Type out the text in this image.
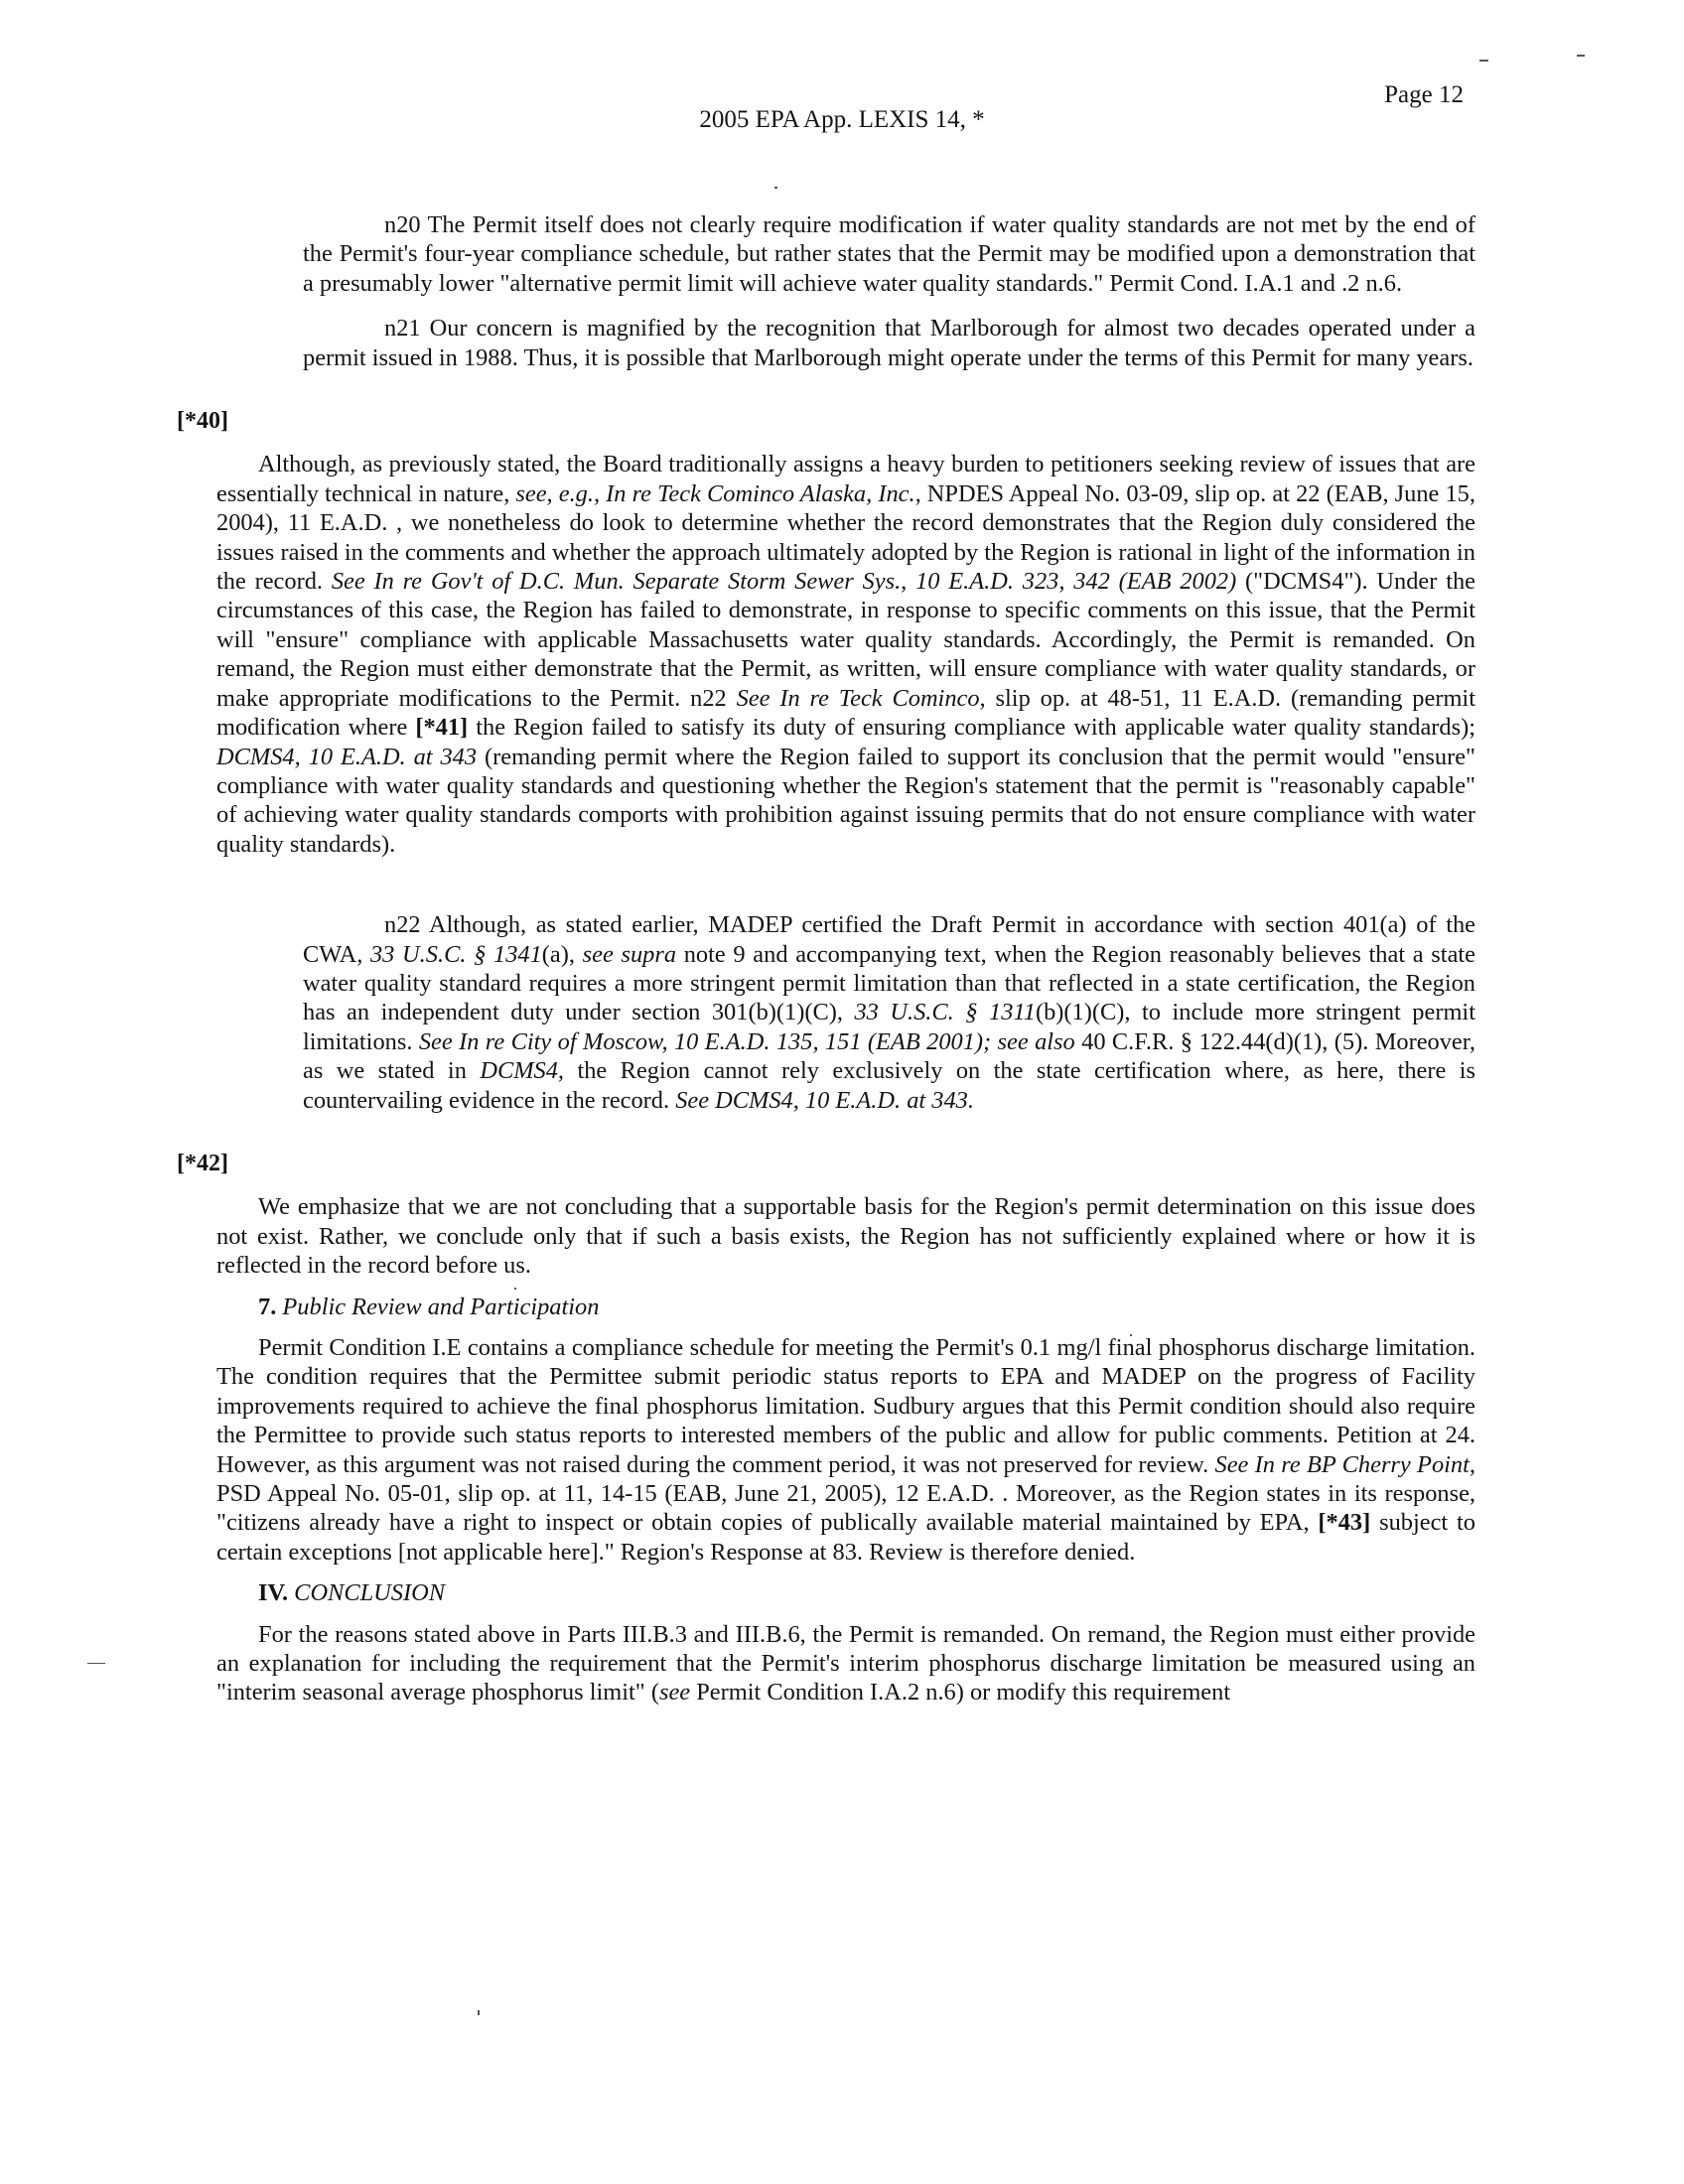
Page 12
2005 EPA App. LEXIS 14, *

n20 The Permit itself does not clearly require modification if water quality standards are not met by the end of the Permit's four-year compliance schedule, but rather states that the Permit may be modified upon a demonstration that a presumably lower "alternative permit limit will achieve water quality standards." Permit Cond. I.A.1 and .2 n.6.

n21 Our concern is magnified by the recognition that Marlborough for almost two decades operated under a permit issued in 1988. Thus, it is possible that Marlborough might operate under the terms of this Permit for many years.

[*40]

Although, as previously stated, the Board traditionally assigns a heavy burden to petitioners seeking review of issues that are essentially technical in nature, see, e.g., In re Teck Cominco Alaska, Inc., NPDES Appeal No. 03-09, slip op. at 22 (EAB, June 15, 2004), 11 E.A.D. , we nonetheless do look to determine whether the record demonstrates that the Region duly considered the issues raised in the comments and whether the approach ultimately adopted by the Region is rational in light of the information in the record. See In re Gov't of D.C. Mun. Separate Storm Sewer Sys., 10 E.A.D. 323, 342 (EAB 2002) ("DCMS4"). Under the circumstances of this case, the Region has failed to demonstrate, in response to specific comments on this issue, that the Permit will "ensure" compliance with applicable Massachusetts water quality standards. Accordingly, the Permit is remanded. On remand, the Region must either demonstrate that the Permit, as written, will ensure compliance with water quality standards, or make appropriate modifications to the Permit. n22 See In re Teck Cominco, slip op. at 48-51, 11 E.A.D. (remanding permit modification where [*41] the Region failed to satisfy its duty of ensuring compliance with applicable water quality standards); DCMS4, 10 E.A.D. at 343 (remanding permit where the Region failed to support its conclusion that the permit would "ensure" compliance with water quality standards and questioning whether the Region's statement that the permit is "reasonably capable" of achieving water quality standards comports with prohibition against issuing permits that do not ensure compliance with water quality standards).

n22 Although, as stated earlier, MADEP certified the Draft Permit in accordance with section 401(a) of the CWA, 33 U.S.C. § 1341(a), see supra note 9 and accompanying text, when the Region reasonably believes that a state water quality standard requires a more stringent permit limitation than that reflected in a state certification, the Region has an independent duty under section 301(b)(1)(C), 33 U.S.C. § 1311(b)(1)(C), to include more stringent permit limitations. See In re City of Moscow, 10 E.A.D. 135, 151 (EAB 2001); see also 40 C.F.R. § 122.44(d)(1), (5). Moreover, as we stated in DCMS4, the Region cannot rely exclusively on the state certification where, as here, there is countervailing evidence in the record. See DCMS4, 10 E.A.D. at 343.

[*42]

We emphasize that we are not concluding that a supportable basis for the Region's permit determination on this issue does not exist. Rather, we conclude only that if such a basis exists, the Region has not sufficiently explained where or how it is reflected in the record before us.

7. Public Review and Participation

Permit Condition I.E contains a compliance schedule for meeting the Permit's 0.1 mg/l final phosphorus discharge limitation. The condition requires that the Permittee submit periodic status reports to EPA and MADEP on the progress of Facility improvements required to achieve the final phosphorus limitation. Sudbury argues that this Permit condition should also require the Permittee to provide such status reports to interested members of the public and allow for public comments. Petition at 24. However, as this argument was not raised during the comment period, it was not preserved for review. See In re BP Cherry Point, PSD Appeal No. 05-01, slip op. at 11, 14-15 (EAB, June 21, 2005), 12 E.A.D. . Moreover, as the Region states in its response, "citizens already have a right to inspect or obtain copies of publically available material maintained by EPA, [*43] subject to certain exceptions [not applicable here]." Region's Response at 83. Review is therefore denied.

IV. CONCLUSION

For the reasons stated above in Parts III.B.3 and III.B.6, the Permit is remanded. On remand, the Region must either provide an explanation for including the requirement that the Permit's interim phosphorus discharge limitation be measured using an "interim seasonal average phosphorus limit" (see Permit Condition I.A.2 n.6) or modify this requirement
